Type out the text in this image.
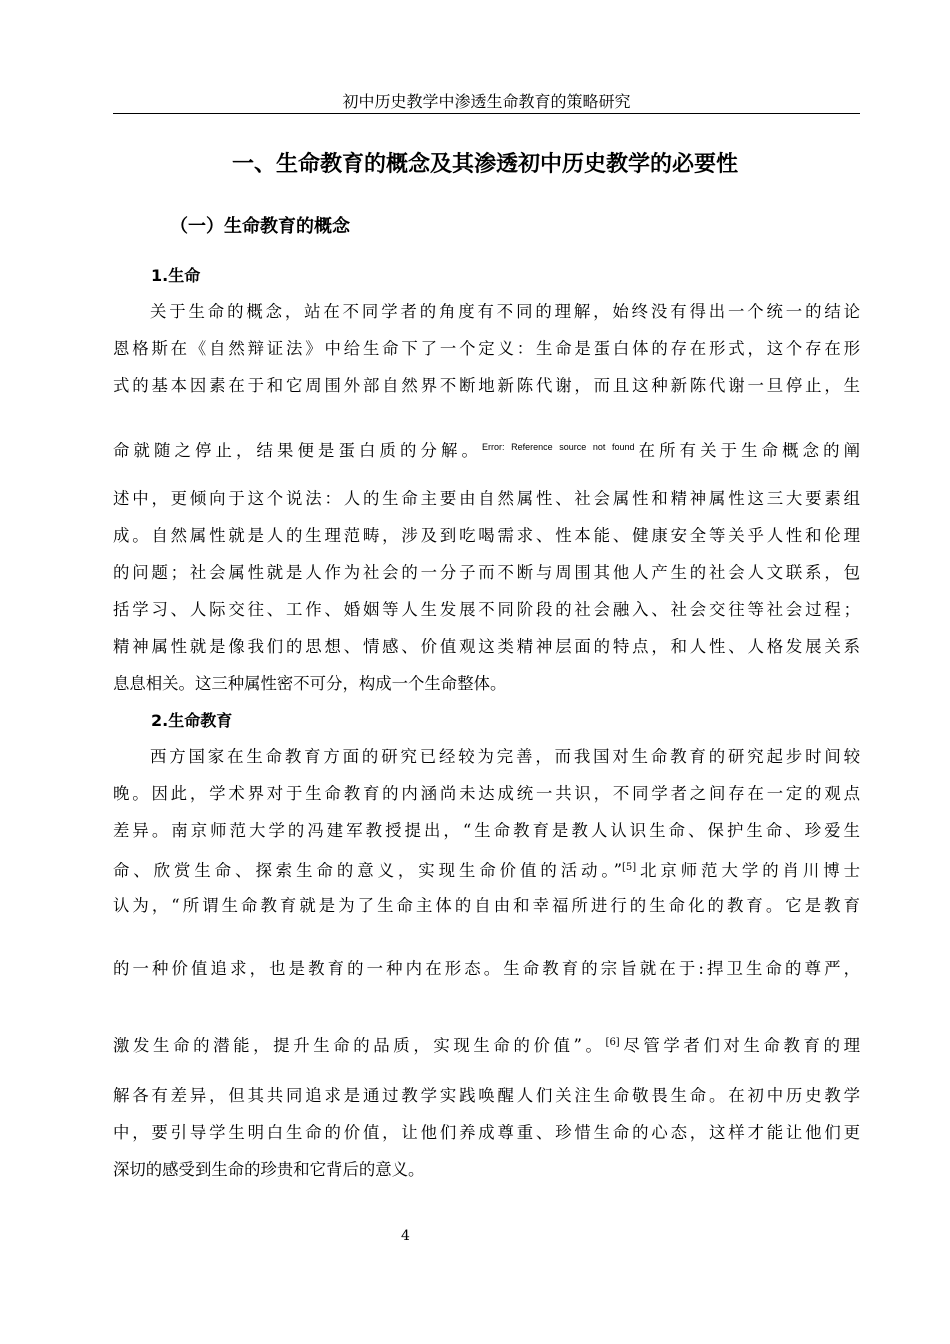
初中历史教学中渗透生命教育的策略研究
一、生命教育的概念及其渗透初中历史教学的必要性
（一）生命教育的概念
1.生命
关于生命的概念，站在不同学者的角度有不同的理解，始终没有得出一个统一的结论
恩格斯在《自然辩证法》中给生命下了一个定义：生命是蛋白体的存在形式，这个存在形
式的基本因素在于和它周围外部自然界不断地新陈代谢，而且这种新陈代谢一旦停止，生
命就随之停止，结果便是蛋白质的分解。$^{Error: Reference source not found}$在所有关于生命概念的阐
述中，更倾向于这个说法：人的生命主要由自然属性、社会属性和精神属性这三大要素组
成。自然属性就是人的生理范畴，涉及到吃喝需求、性本能、健康安全等关乎人性和伦理
的问题；社会属性就是人作为社会的一分子而不断与周围其他人产生的社会人文联系，包
括学习、人际交往、工作、婚姻等人生发展不同阶段的社会融入、社会交往等社会过程；
精神属性就是像我们的思想、情感、价值观这类精神层面的特点，和人性、人格发展关系
息息相关。这三种属性密不可分，构成一个生命整体。
2.生命教育
西方国家在生命教育方面的研究已经较为完善，而我国对生命教育的研究起步时间较
晚。因此，学术界对于生命教育的内涵尚未达成统一共识，不同学者之间存在一定的观点
差异。南京师范大学的冯建军教授提出，“生命教育是教人认识生命、保护生命、珍爱生
命、欣赏生命、探索生命的意义，实现生命价值的活动。”[5]北京师范大学的肖川博士
认为，“所谓生命教育就是为了生命主体的自由和幸福所进行的生命化的教育。它是教育
的一种价值追求，也是教育的一种内在形态。生命教育的宗旨就在于:捍卫生命的尊严，
激发生命的潜能，提升生命的品质，实现生命的价值”。[6]尽管学者们对生命教育的理
解各有差异，但其共同追求是通过教学实践唤醒人们关注生命敬畏生命。在初中历史教学
中，要引导学生明白生命的价值，让他们养成尊重、珍惜生命的心态，这样才能让他们更
深切的感受到生命的珍贵和它背后的意义。
4
